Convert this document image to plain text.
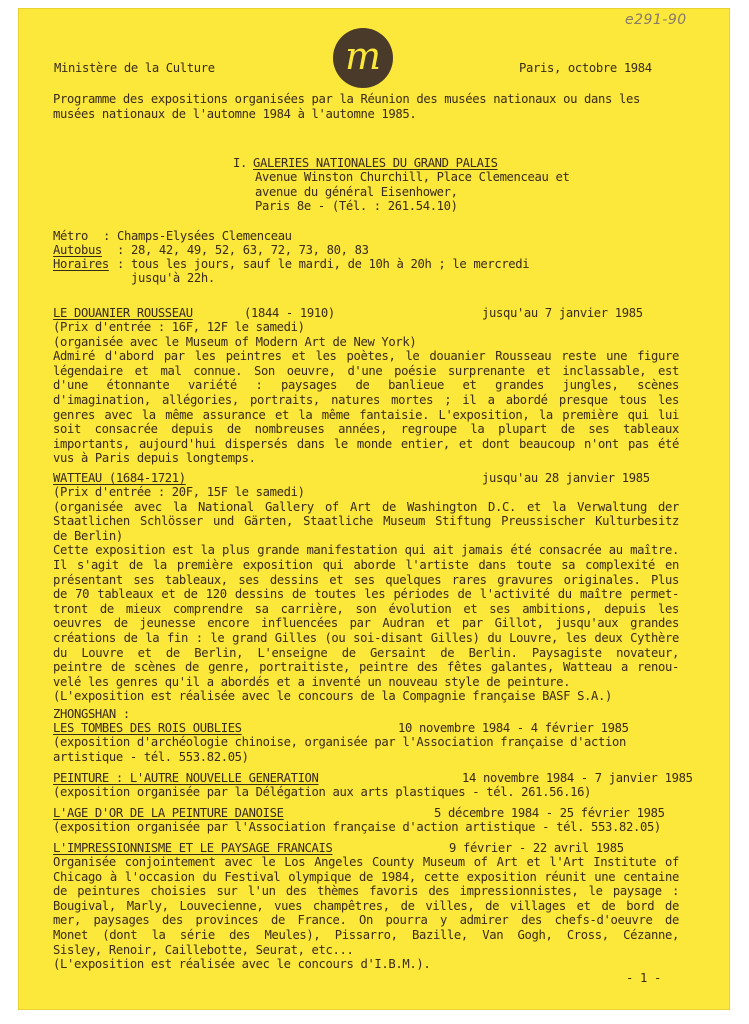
e291-90
Ministère de la Culture	m	Paris, octobre 1984
Programme des expositions organisées par la Réunion des musées nationaux ou dans les
musées nationaux de l'automne 1984 à l'automne 1985.
I. GALERIES NATIONALES DU GRAND PALAIS
Avenue Winston Churchill, Place Clemenceau et
avenue du général Eisenhower,
Paris 8e - (Tél. : 261.54.10)
Métro : Champs-Elysées Clemenceau
Autobus : 28, 42, 49, 52, 63, 72, 73, 80, 83
Horaires : tous les jours, sauf le mardi, de 10h à 20h ; le mercredi
jusqu'à 22h.
LE DOUANIER ROUSSEAU	(1844 - 1910)	jusqu'au 7 janvier 1985
(Prix d'entrée : 16F, 12F le samedi)
(organisée avec le Museum of Modern Art de New York)
Admiré d'abord par les peintres et les poètes, le douanier Rousseau reste une figure
légendaire et mal connue. Son oeuvre, d'une poésie surprenante et inclassable, est
d'une étonnante variété : paysages de banlieue et grandes jungles, scènes
d'imagination, allégories, portraits, natures mortes ; il a abordé presque tous les
genres avec la même assurance et la même fantaisie. L'exposition, la première qui lui
soit consacrée depuis de nombreuses années, regroupe la plupart de ses tableaux
importants, aujourd'hui dispersés dans le monde entier, et dont beaucoup n'ont pas été
vus à Paris depuis longtemps.
WATTEAU (1684-1721)	jusqu'au 28 janvier 1985
(Prix d'entrée : 20F, 15F le samedi)
(organisée avec la National Gallery of Art de Washington D.C. et la Verwaltung der
Staatlichen Schlösser und Gärten, Staatliche Museum Stiftung Preussischer Kulturbesitz
de Berlin)
Cette exposition est la plus grande manifestation qui ait jamais été consacrée au maître.
Il s'agit de la première exposition qui aborde l'artiste dans toute sa complexité en
présentant ses tableaux, ses dessins et ses quelques rares gravures originales. Plus
de 70 tableaux et de 120 dessins de toutes les périodes de l'activité du maître permet-
tront de mieux comprendre sa carrière, son évolution et ses ambitions, depuis les
oeuvres de jeunesse encore influencées par Audran et par Gillot, jusqu'aux grandes
créations de la fin : le grand Gilles (ou soi-disant Gilles) du Louvre, les deux Cythère
du Louvre et de Berlin, L'enseigne de Gersaint de Berlin. Paysagiste novateur,
peintre de scènes de genre, portraitiste, peintre des fêtes galantes, Watteau a renou-
velé les genres qu'il a abordés et a inventé un nouveau style de peinture.
(L'exposition est réalisée avec le concours de la Compagnie française BASF S.A.)
ZHONGSHAN :
LES TOMBES DES ROIS OUBLIES	10 novembre 1984 - 4 février 1985
(exposition d'archéologie chinoise, organisée par l'Association française d'action
artistique - tél. 553.82.05)
PEINTURE : L'AUTRE NOUVELLE GENERATION	14 novembre 1984 - 7 janvier 1985
(exposition organisée par la Délégation aux arts plastiques - tél. 261.56.16)
L'AGE D'OR DE LA PEINTURE DANOISE	5 décembre 1984 - 25 février 1985
(exposition organisée par l'Association française d'action artistique - tél. 553.82.05)
L'IMPRESSIONNISME ET LE PAYSAGE FRANCAIS	9 février - 22 avril 1985
Organisée conjointement avec le Los Angeles County Museum of Art et l'Art Institute of
Chicago à l'occasion du Festival olympique de 1984, cette exposition réunit une centaine
de peintures choisies sur l'un des thèmes favoris des impressionnistes, le paysage :
Bougival, Marly, Louvecienne, vues champêtres, de villes, de villages et de bord de
mer, paysages des provinces de France. On pourra y admirer des chefs-d'oeuvre de
Monet (dont la série des Meules), Pissarro, Bazille, Van Gogh, Cross, Cézanne,
Sisley, Renoir, Caillebotte, Seurat, etc...
(L'exposition est réalisée avec le concours d'I.B.M.).
- 1 -
